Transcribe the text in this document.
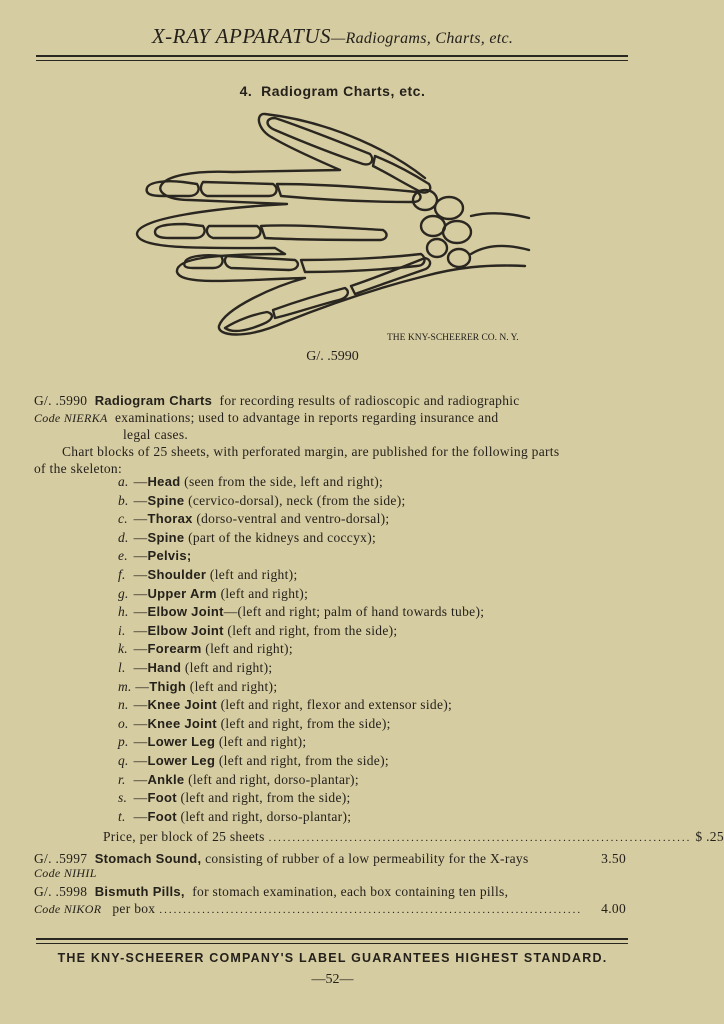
X-RAY APPARATUS—Radiograms, Charts, etc.
4. Radiogram Charts, etc.
THE KNY-SCHEERER CO. N. Y.
G/. .5990
G/. .5990 Radiogram Charts for recording results of radioscopic and radiographic
Code NIERKA examinations; used to advantage in reports regarding insurance and
legal cases.
Chart blocks of 25 sheets, with perforated margin, are published for the following parts
of the skeleton:
a. —Head (seen from the side, left and right);
b. —Spine (cervico-dorsal), neck (from the side);
c. —Thorax (dorso-ventral and ventro-dorsal);
d. —Spine (part of the kidneys and coccyx);
e. —Pelvis;
f. —Shoulder (left and right);
g. —Upper Arm (left and right);
h. —Elbow Joint—(left and right; palm of hand towards tube);
i. —Elbow Joint (left and right, from the side);
k. —Forearm (left and right);
l. —Hand (left and right);
m. —Thigh (left and right);
n. —Knee Joint (left and right, flexor and extensor side);
o. —Knee Joint (left and right, from the side);
p. —Lower Leg (left and right);
q. —Lower Leg (left and right, from the side);
r. —Ankle (left and right, dorso-plantar);
s. —Foot (left and right, from the side);
t. —Foot (left and right, dorso-plantar);
Price, per block of 25 sheets ......................................................................................... $ .25
G/. .5997
Stomach Sound,
consisting of rubber of a low permeability for the X-rays	3.50
Code NIHIL
G/. .5998 Bismuth Pills, for stomach examination, each box containing ten pills,
Code NIKOR
per box .........................................................................................	4.00
THE KNY-SCHEERER COMPANY'S LABEL GUARANTEES HIGHEST STANDARD.
—52—
